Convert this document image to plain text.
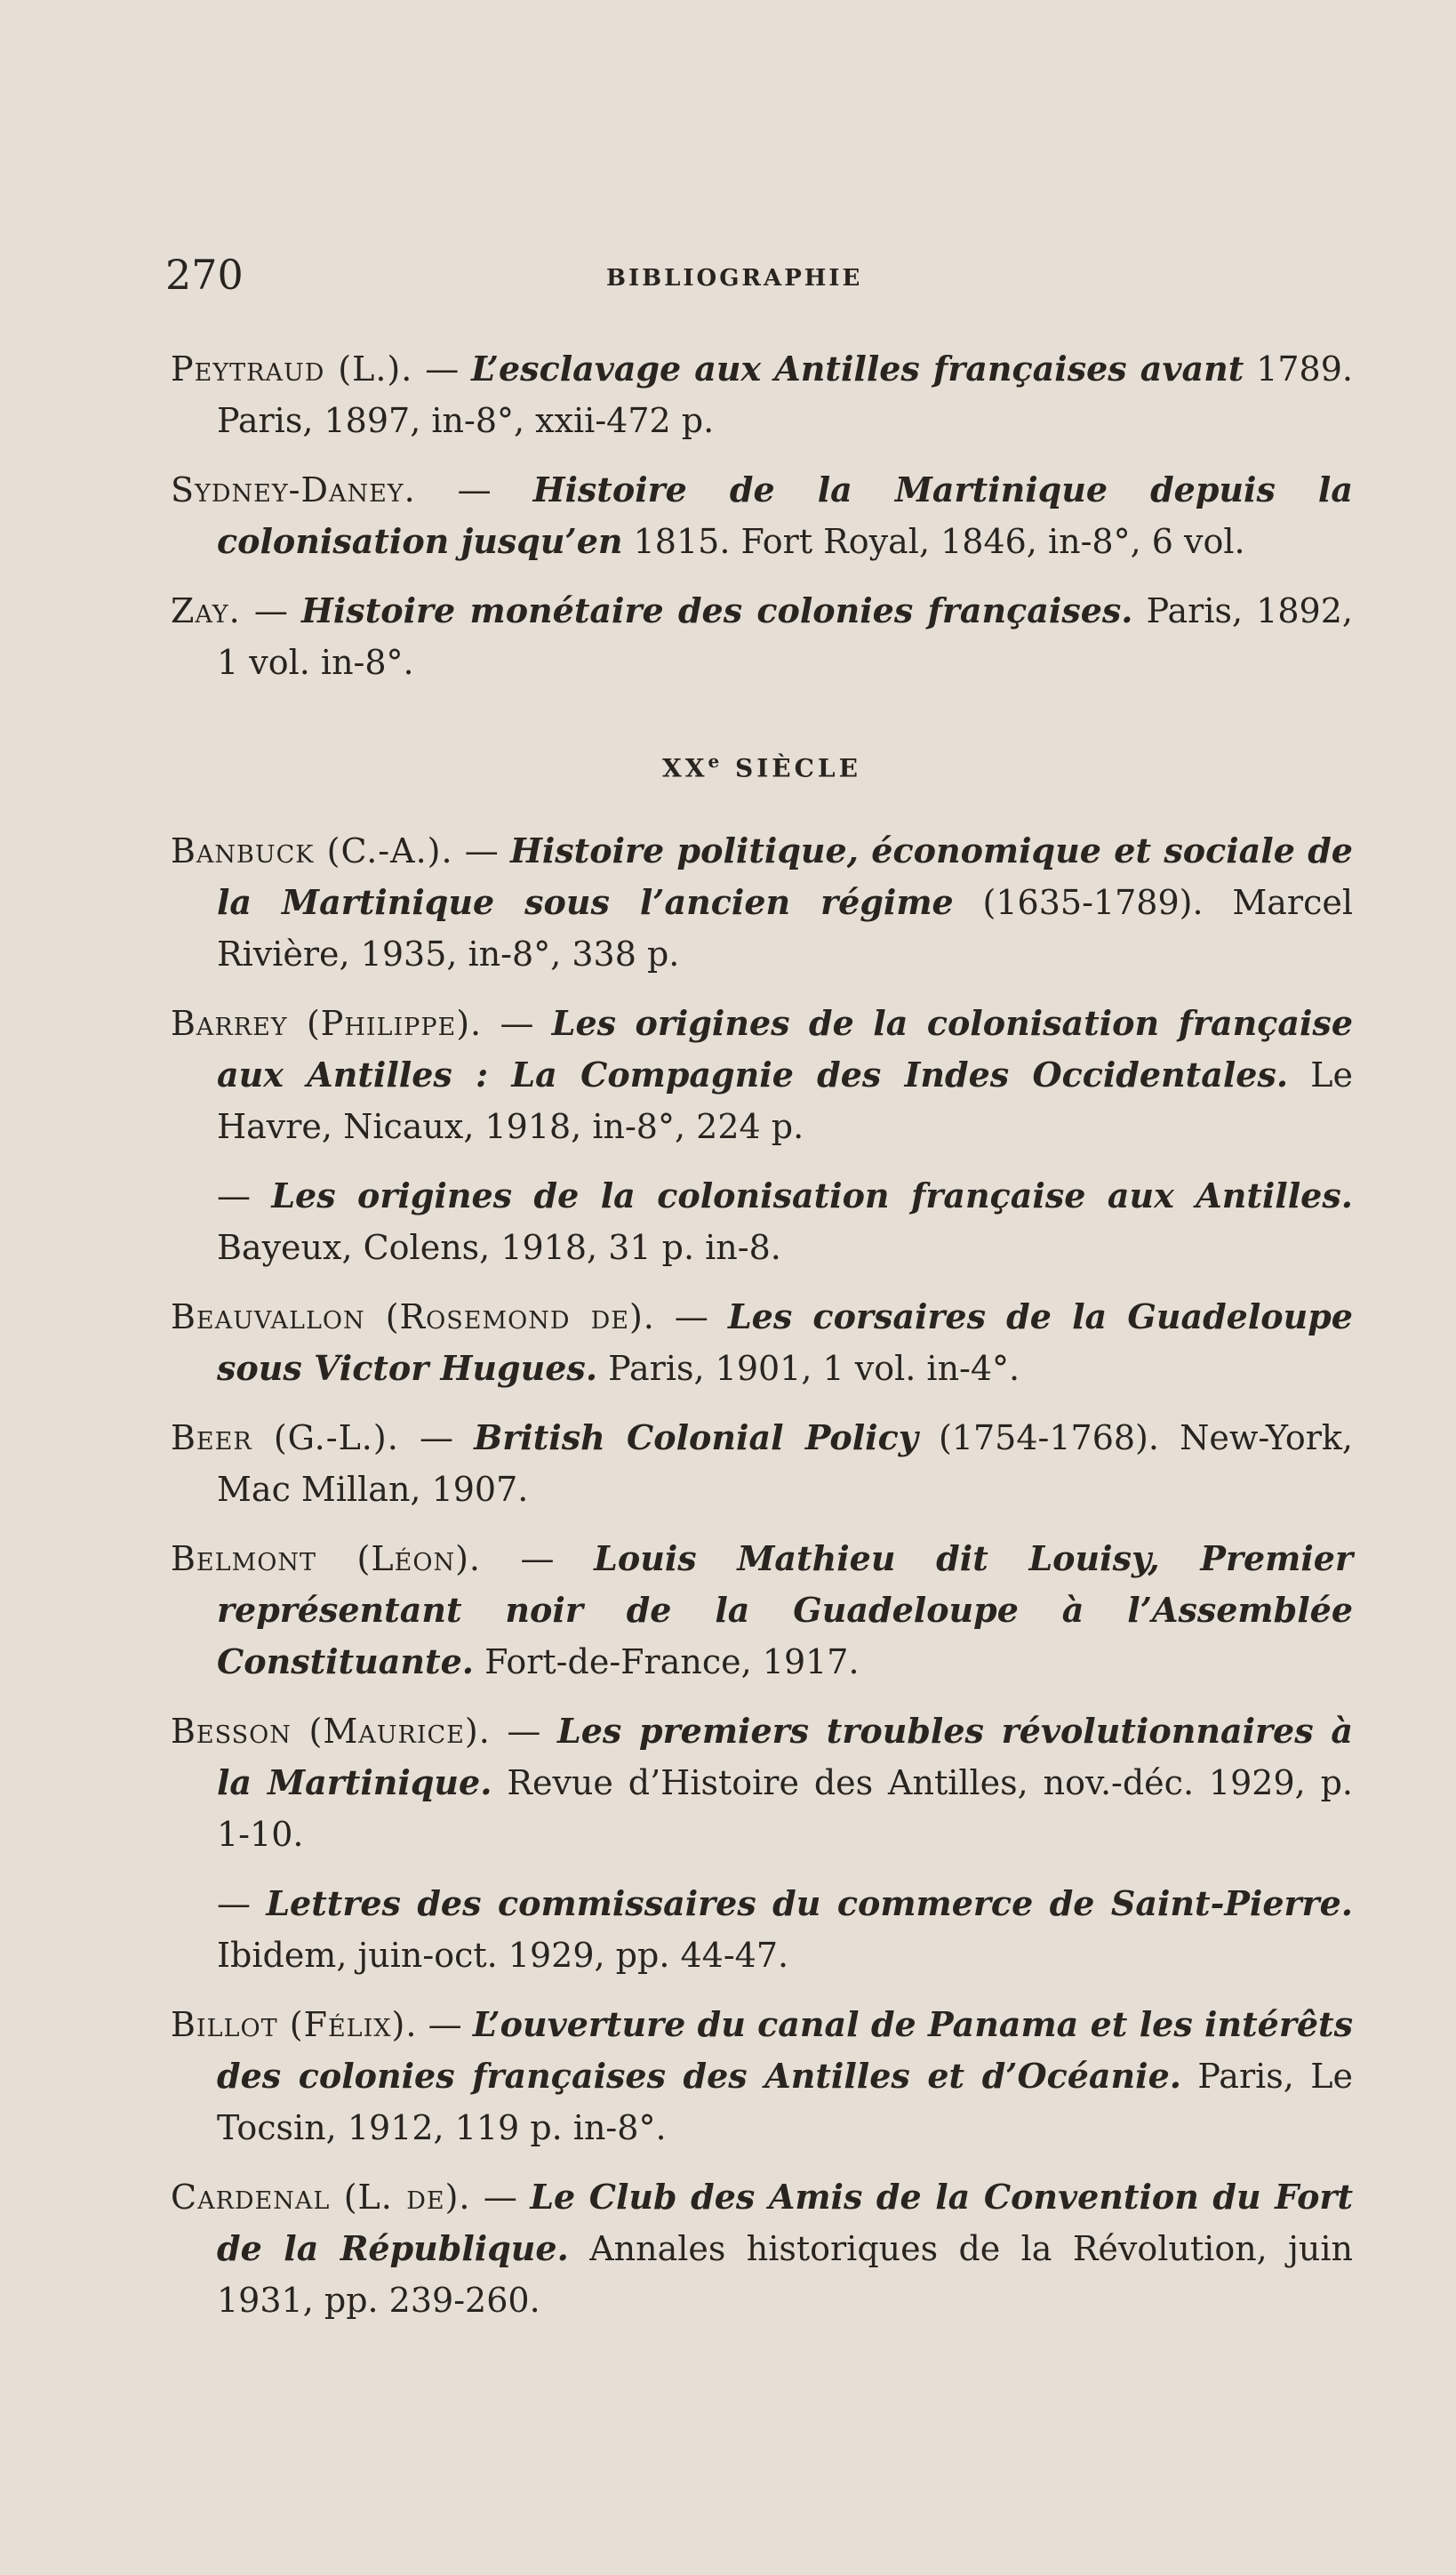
270	BIBLIOGRAPHIE

Peytraud (L.). — L’esclavage aux Antilles françaises avant 1789. Paris, 1897, in-8°, xxii-472 p.

Sydney-Daney. — Histoire de la Martinique depuis la colonisation jusqu’en 1815. Fort Royal, 1846, in-8°, 6 vol.

Zay. — Histoire monétaire des colonies françaises. Paris, 1892, 1 vol. in-8°.

XXe SIÈCLE

Banbuck (C.-A.). — Histoire politique, économique et sociale de la Martinique sous l’ancien régime (1635-1789). Marcel Rivière, 1935, in-8°, 338 p.

Barrey (Philippe). — Les origines de la colonisation française aux Antilles : La Compagnie des Indes Occidentales. Le Havre, Nicaux, 1918, in-8°, 224 p.

— Les origines de la colonisation française aux Antilles. Bayeux, Colens, 1918, 31 p. in-8.

Beauvallon (Rosemond de). — Les corsaires de la Guadeloupe sous Victor Hugues. Paris, 1901, 1 vol. in-4°.

Beer (G.-L.). — British Colonial Policy (1754-1768). New-York, Mac Millan, 1907.

Belmont (Léon). — Louis Mathieu dit Louisy, Premier représentant noir de la Guadeloupe à l’Assemblée Constituante. Fort-de-France, 1917.

Besson (Maurice). — Les premiers troubles révolutionnaires à la Martinique. Revue d’Histoire des Antilles, nov.-déc. 1929, p. 1-10.

— Lettres des commissaires du commerce de Saint-Pierre. Ibidem, juin-oct. 1929, pp. 44-47.

Billot (Félix). — L’ouverture du canal de Panama et les intérêts des colonies françaises des Antilles et d’Océanie. Paris, Le Tocsin, 1912, 119 p. in-8°.

Cardenal (L. de). — Le Club des Amis de la Convention du Fort de la République. Annales historiques de la Révolution, juin 1931, pp. 239-260.
